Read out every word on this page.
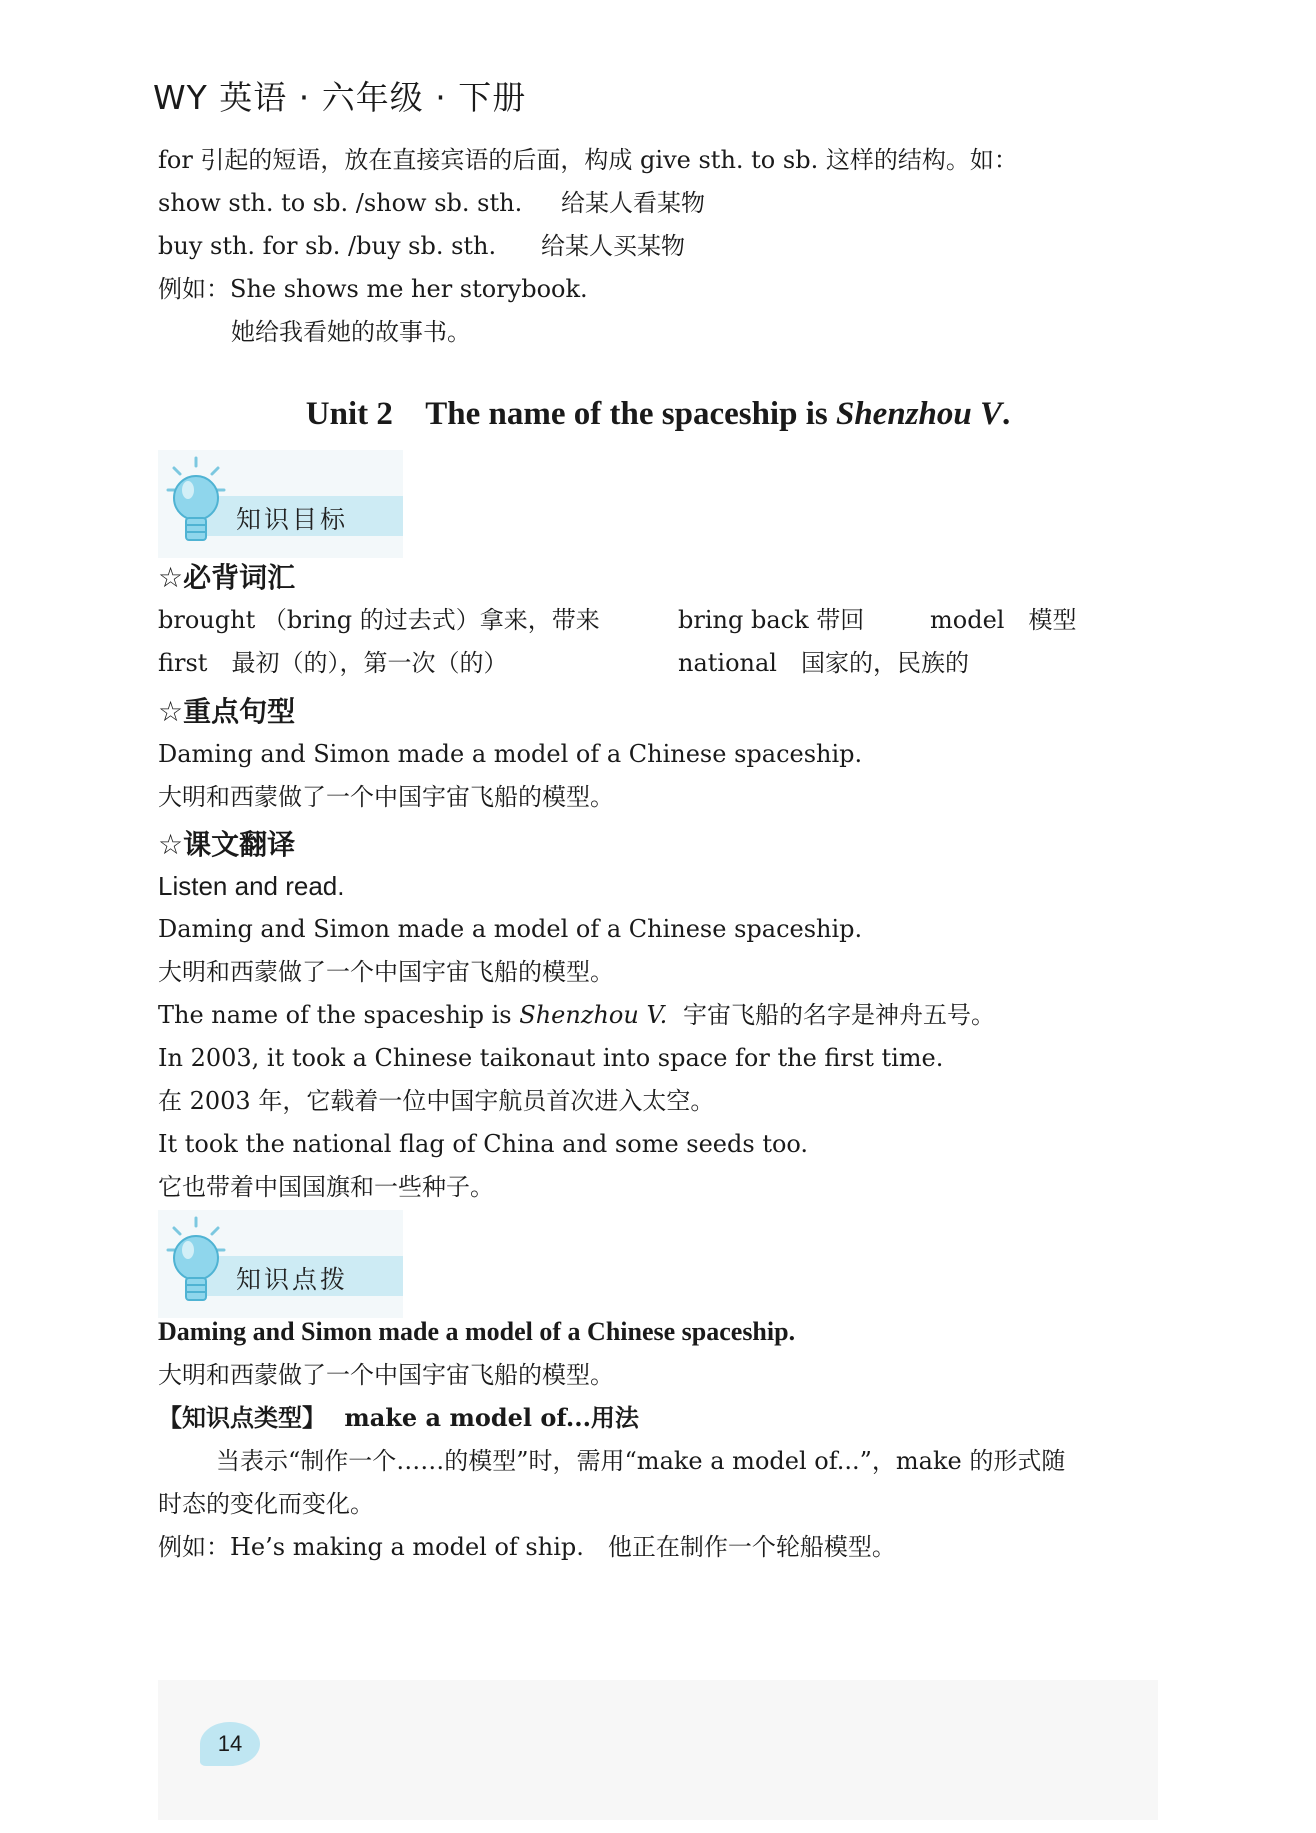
WY 英语 · 六年级 · 下册
for 引起的短语，放在直接宾语的后面，构成 give sth. to sb. 这样的结构。如：
show sth. to sb. /show sb. sth. 给某人看某物
buy sth. for sb. /buy sb. sth. 给某人买某物
例如：She shows me her storybook.
她给我看她的故事书。
Unit 2 The name of the spaceship is Shenzhou V.
知识目标
☆必背词汇
brought （bring 的过去式）拿来，带来	bring back 带回	model　模型
first　最初（的），第一次（的）	national　国家的，民族的
☆重点句型
Daming and Simon made a model of a Chinese spaceship.
大明和西蒙做了一个中国宇宙飞船的模型。
☆课文翻译
Listen and read.
Daming and Simon made a model of a Chinese spaceship.
大明和西蒙做了一个中国宇宙飞船的模型。
The name of the spaceship is Shenzhou V. 宇宙飞船的名字是神舟五号。
In 2003, it took a Chinese taikonaut into space for the first time.
在 2003 年，它载着一位中国宇航员首次进入太空。
It took the national flag of China and some seeds too.
它也带着中国国旗和一些种子。
知识点拨
Daming and Simon made a model of a Chinese spaceship.
大明和西蒙做了一个中国宇宙飞船的模型。
【知识点类型】 make a model of...用法
当表示“制作一个……的模型”时，需用“make a model of...”，make 的形式随
时态的变化而变化。
例如：He’s making a model of ship.　他正在制作一个轮船模型。
14
